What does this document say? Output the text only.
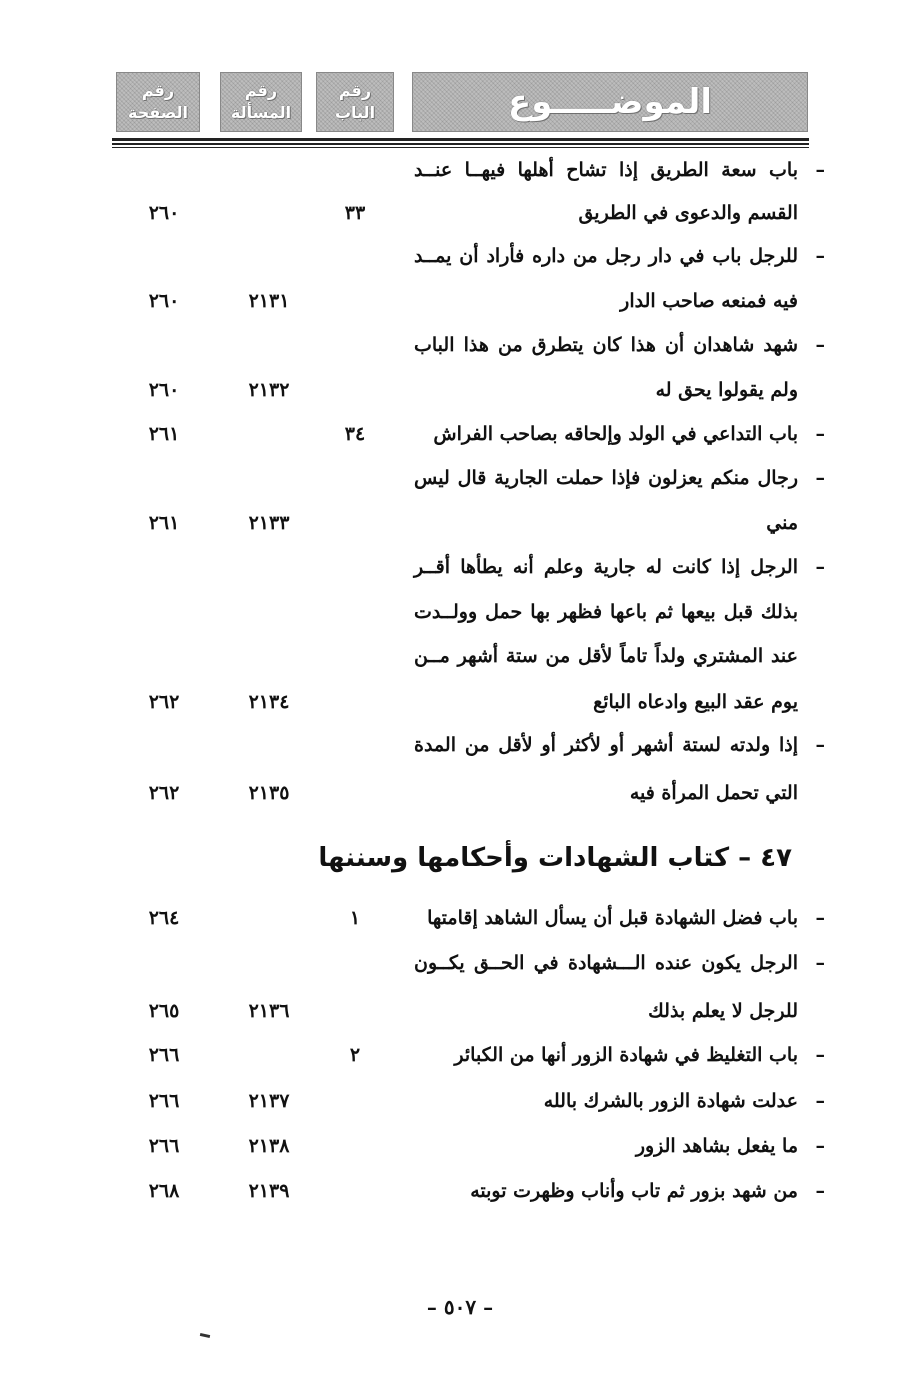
الموضـــــوع
رقم الباب
رقم المسألة
رقم الصفحة
–
باب سعة الطريق إذا تشاح أهلها فيهــا عنــد
القسم والدعوى في الطريق
٣٣
٢٦٠
–
للرجل باب في دار رجل من داره فأراد أن يمــد
فيه فمنعه صاحب الدار
٢١٣١
٢٦٠
–
شهد شاهدان أن هذا كان يتطرق من هذا الباب
ولم يقولوا يحق له
٢١٣٢
٢٦٠
–
باب التداعي في الولد وإلحاقه بصاحب الفراش
٣٤
٢٦١
–
رجال منكم يعزلون فإذا حملت الجارية قال ليس
مني
٢١٣٣
٢٦١
–
الرجل إذا كانت له جارية وعلم أنه يطأها أقــر
بذلك قبل بيعها ثم باعها فظهر بها حمل وولــدت
عند المشتري ولداً تاماً لأقل من ستة أشهر مــن
يوم عقد البيع وادعاه البائع
٢١٣٤
٢٦٢
–
إذا ولدته لستة أشهر أو لأكثر أو لأقل من المدة
التي تحمل المرأة فيه
٢١٣٥
٢٦٢
٤٧ – كتاب الشهادات وأحكامها وسننها
–
باب فضل الشهادة قبل أن يسأل الشاهد إقامتها
١
٢٦٤
–
الرجل يكون عنده الـــشهادة في الحــق يكــون
للرجل لا يعلم بذلك
٢١٣٦
٢٦٥
–
باب التغليظ في شهادة الزور أنها من الكبائر
٢
٢٦٦
–
عدلت شهادة الزور بالشرك بالله
٢١٣٧
٢٦٦
–
ما يفعل بشاهد الزور
٢١٣٨
٢٦٦
–
من شهد بزور ثم تاب وأناب وظهرت توبته
٢١٣٩
٢٦٨
– ٥٠٧ –
